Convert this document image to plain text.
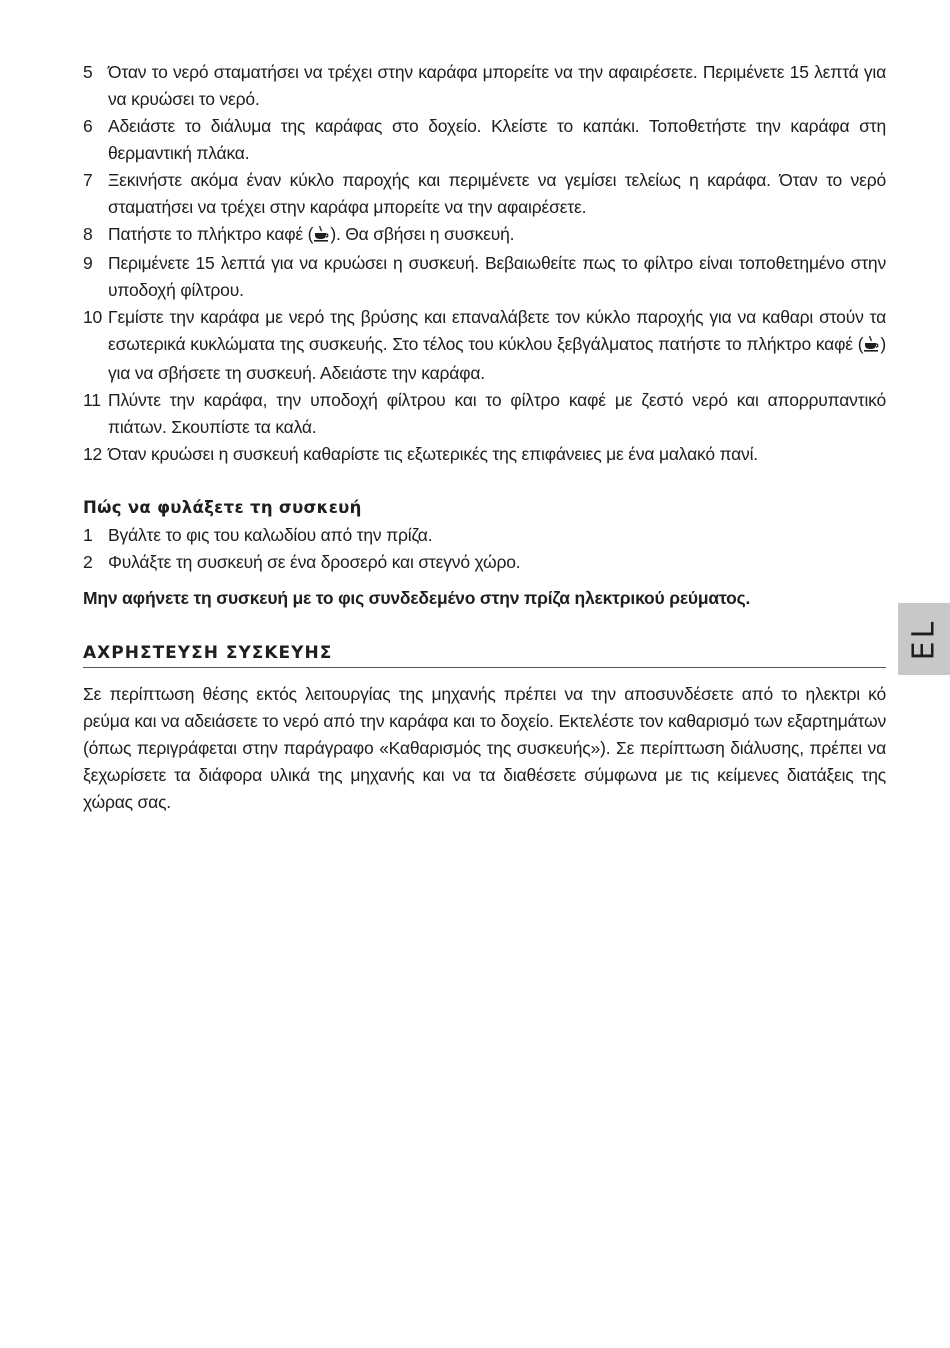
5 Όταν το νερό σταματήσει να τρέχει στην καράφα μπορείτε να την αφαιρέσετε. Περιμένετε 15 λεπτά για να κρυώσει το νερό.
6 Αδειάστε το διάλυμα της καράφας στο δοχείο. Κλείστε το καπάκι. Τοποθετήστε την καράφα στη θερμαντική πλάκα.
7 Ξεκινήστε ακόμα έναν κύκλο παροχής και περιμένετε να γεμίσει τελείως η καράφα. Όταν το νερό σταματήσει να τρέχει στην καράφα μπορείτε να την αφαιρέσετε.
8 Πατήστε το πλήκτρο καφέ ( ). Θα σβήσει η συσκευή.
9 Περιμένετε 15 λεπτά για να κρυώσει η συσκευή. Βεβαιωθείτε πως το φίλτρο είναι τοποθετημένο στην υποδοχή φίλτρου.
10 Γεμίστε την καράφα με νερό της βρύσης και επαναλάβετε τον κύκλο παροχής για να καθαρι στούν τα εσωτερικά κυκλώματα της συσκευής. Στο τέλος του κύκλου ξεβγάλματος πατήστε το πλήκτρο καφέ ( ) για να σβήσετε τη συσκευή. Αδειάστε την καράφα.
11 Πλύντε την καράφα, την υποδοχή φίλτρου και το φίλτρο καφέ με ζεστό νερό και απορρυπαντικό πιάτων. Σκουπίστε τα καλά.
12 Όταν κρυώσει η συσκευή καθαρίστε τις εξωτερικές της επιφάνειες με ένα μαλακό πανί.
Πώς να φυλάξετε τη συσκευή
1 Βγάλτε το φις του καλωδίου από την πρίζα.
2 Φυλάξτε τη συσκευή σε ένα δροσερό και στεγνό χώρο.
Μην αφήνετε τη συσκευή με το φις συνδεδεμένο στην πρίζα ηλεκτρικού ρεύματος.
ΑΧΡΗΣΤΕΥΣΗ ΣΥΣΚΕΥΗΣ

Σε περίπτωση θέσης εκτός λειτουργίας της μηχανής πρέπει να την αποσυνδέσετε από το ηλεκτρι κό ρεύμα και να αδειάσετε το νερό από την καράφα και το δοχείο. Εκτελέστε τον καθαρισμό των εξαρτημάτων (όπως περιγράφεται στην παράγραφο «Καθαρισμός της συσκευής»). Σε περίπτωση διάλυσης, πρέπει να ξεχωρίσετε τα διάφορα υλικά της μηχανής και να τα διαθέσετε σύμφωνα με τις κείμενες διατάξεις της χώρας σας.

EL
